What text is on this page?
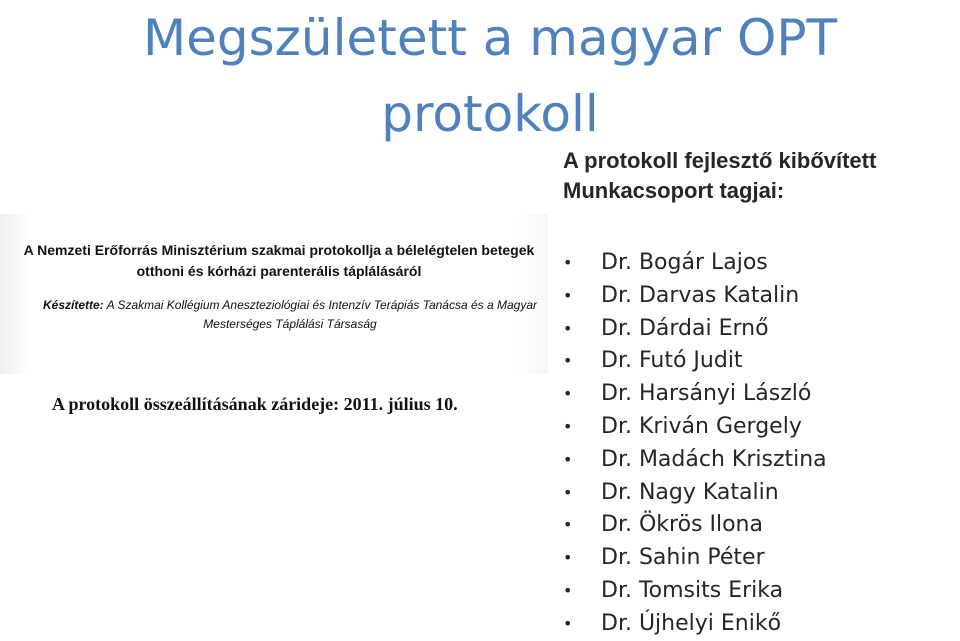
Megszületett a magyar OPT
protokoll

A Nemzeti Erőforrás Minisztérium szakmai protokollja a bélelégtelen betegek
otthoni és kórházi parenterális táplálásáról

Készítette: A Szakmai Kollégium Aneszteziológiai és Intenzív Terápiás Tanácsa és a Magyar
Mesterséges Táplálási Társaság

A protokoll összeállításának zárideje: 2011. július 10.

A protokoll fejlesztő kibővített
Munkacsoport tagjai:
• Dr. Bogár Lajos
• Dr. Darvas Katalin
• Dr. Dárdai Ernő
• Dr. Futó Judit
• Dr. Harsányi László
• Dr. Kriván Gergely
• Dr. Madách Krisztina
• Dr. Nagy Katalin
• Dr. Ökrös Ilona
• Dr. Sahin Péter
• Dr. Tomsits Erika
• Dr. Újhelyi Enikő
